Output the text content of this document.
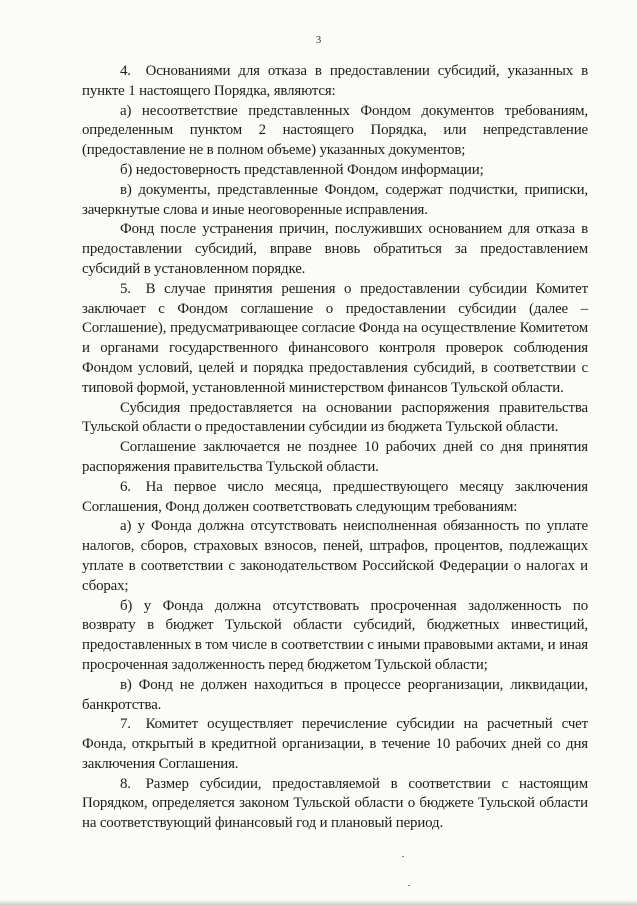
3

4. Основаниями для отказа в предоставлении субсидий, указанных в пункте 1 настоящего Порядка, являются:

а) несоответствие представленных Фондом документов требованиям, определенным пунктом 2 настоящего Порядка, или непредставление (предоставление не в полном объеме) указанных документов;

б) недостоверность представленной Фондом информации;

в) документы, представленные Фондом, содержат подчистки, приписки, зачеркнутые слова и иные неоговоренные исправления.

Фонд после устранения причин, послуживших основанием для отказа в предоставлении субсидий, вправе вновь обратиться за предоставлением субсидий в установленном порядке.

5. В случае принятия решения о предоставлении субсидии Комитет заключает с Фондом соглашение о предоставлении субсидии (далее – Соглашение), предусматривающее согласие Фонда на осуществление Комитетом и органами государственного финансового контроля проверок соблюдения Фондом условий, целей и порядка предоставления субсидий, в соответствии с типовой формой, установленной министерством финансов Тульской области.

Субсидия предоставляется на основании распоряжения правительства Тульской области о предоставлении субсидии из бюджета Тульской области.

Соглашение заключается не позднее 10 рабочих дней со дня принятия распоряжения правительства Тульской области.

6. На первое число месяца, предшествующего месяцу заключения Соглашения, Фонд должен соответствовать следующим требованиям:

а) у Фонда должна отсутствовать неисполненная обязанность по уплате налогов, сборов, страховых взносов, пеней, штрафов, процентов, подлежащих уплате в соответствии с законодательством Российской Федерации о налогах и сборах;

б) у Фонда должна отсутствовать просроченная задолженность по возврату в бюджет Тульской области субсидий, бюджетных инвестиций, предоставленных в том числе в соответствии с иными правовыми актами, и иная просроченная задолженность перед бюджетом Тульской области;

в) Фонд не должен находиться в процессе реорганизации, ликвидации, банкротства.

7. Комитет осуществляет перечисление субсидии на расчетный счет Фонда, открытый в кредитной организации, в течение 10 рабочих дней со дня заключения Соглашения.

8. Размер субсидии, предоставляемой в соответствии с настоящим Порядком, определяется законом Тульской области о бюджете Тульской области на соответствующий финансовый год и плановый период.
